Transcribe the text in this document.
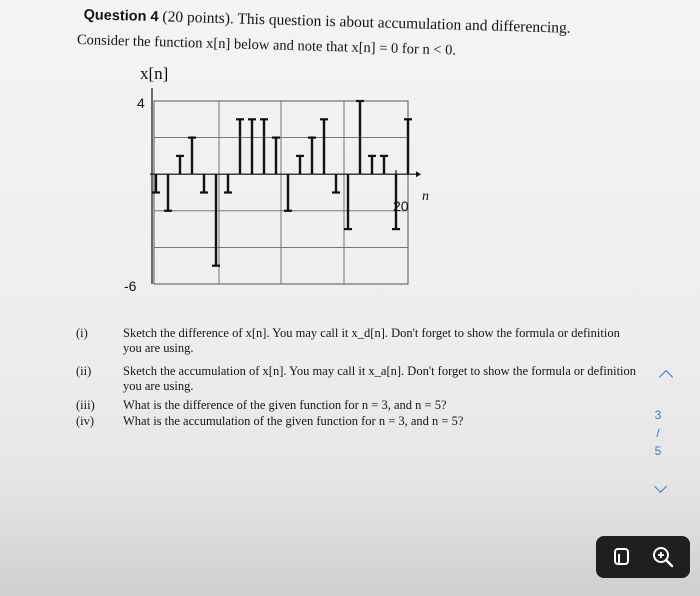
Question 4 (20 points). This question is about accumulation and differencing.
Consider the function x[n] below and note that x[n] = 0 for n < 0.
x[n]
4
-6
20
n
(i)	Sketch the difference of x[n]. You may call it x_d[n]. Don't forget to show the formula or definition
you are using.
(ii)	Sketch the accumulation of x[n]. You may call it x_a[n]. Don't forget to show the formula or definition
you are using.
(iii)	What is the difference of the given function for n = 3, and n = 5?
(iv)	What is the accumulation of the given function for n = 3, and n = 5?	3
/
5
